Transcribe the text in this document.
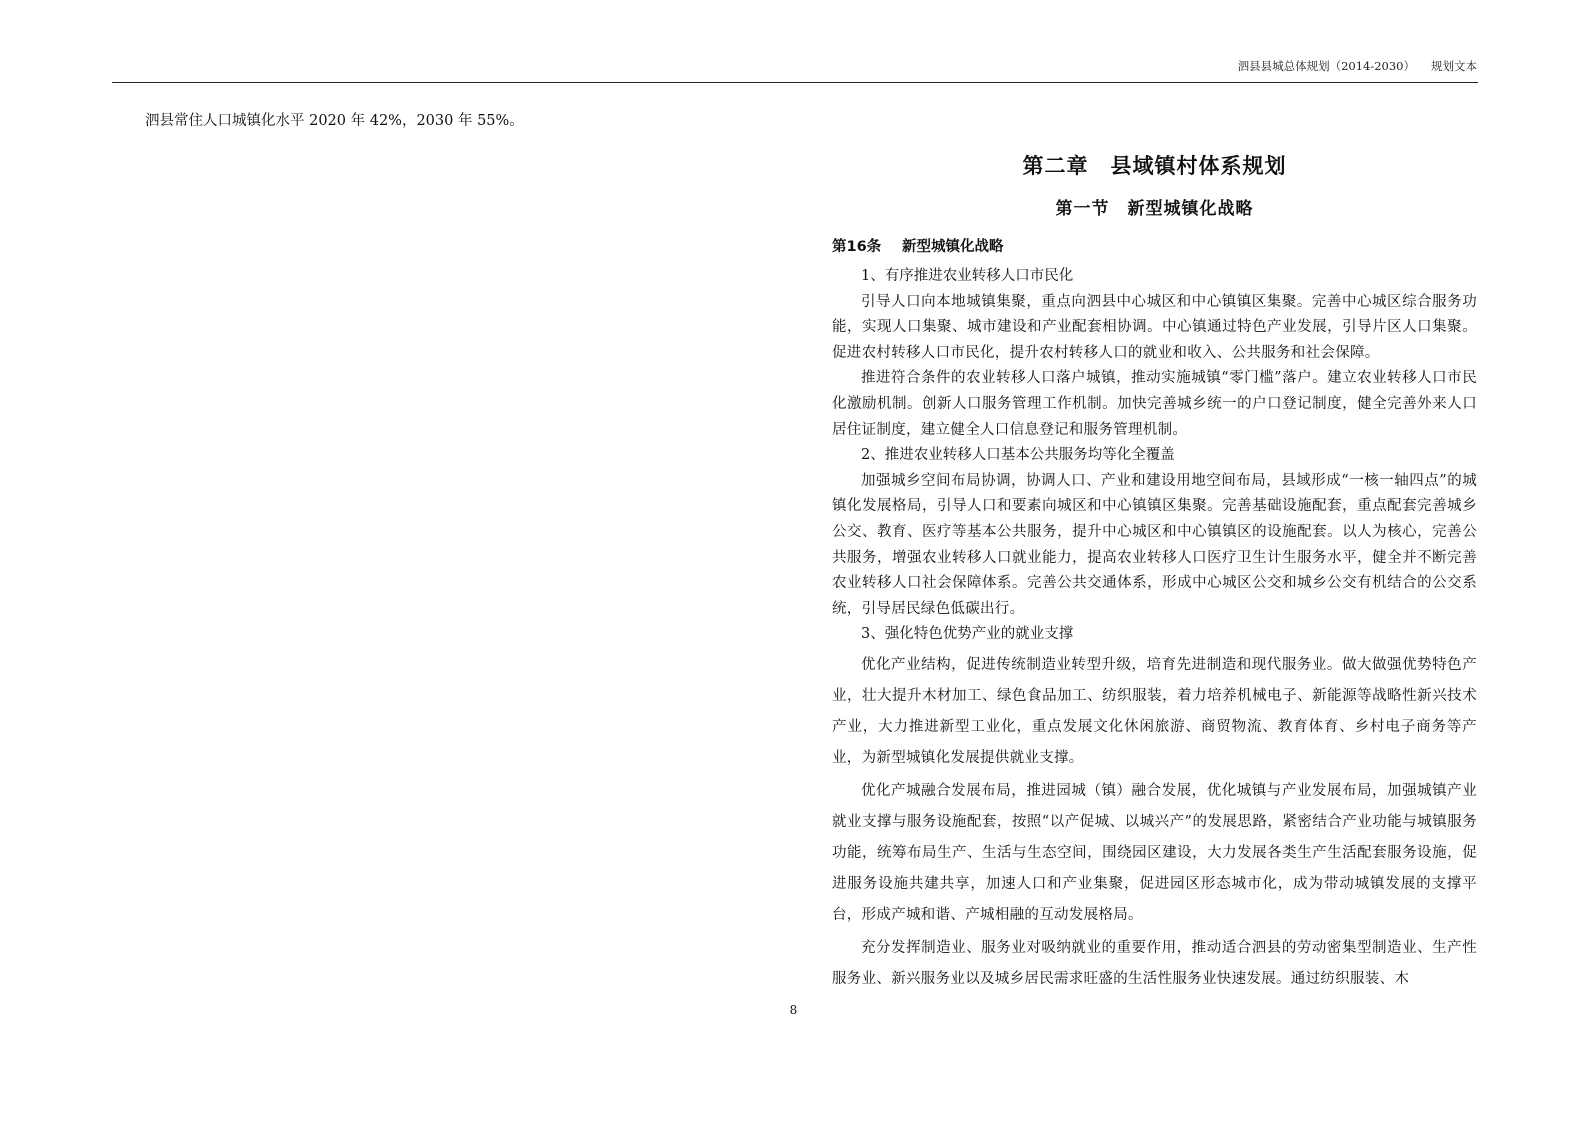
泗县县城总体规划（2014-2030） 规划文本

泗县常住人口城镇化水平 2020 年 42%，2030 年 55%。

第二章　县域镇村体系规划
第一节　新型城镇化战略
第16条 新型城镇化战略

1、有序推进农业转移人口市民化

引导人口向本地城镇集聚，重点向泗县中心城区和中心镇镇区集聚。完善中心城区综合服务功能，实现人口集聚、城市建设和产业配套相协调。中心镇通过特色产业发展，引导片区人口集聚。促进农村转移人口市民化，提升农村转移人口的就业和收入、公共服务和社会保障。

推进符合条件的农业转移人口落户城镇，推动实施城镇“零门槛”落户。建立农业转移人口市民化激励机制。创新人口服务管理工作机制。加快完善城乡统一的户口登记制度，健全完善外来人口居住证制度，建立健全人口信息登记和服务管理机制。

2、推进农业转移人口基本公共服务均等化全覆盖

加强城乡空间布局协调，协调人口、产业和建设用地空间布局，县域形成“一核一轴四点”的城镇化发展格局，引导人口和要素向城区和中心镇镇区集聚。完善基础设施配套，重点配套完善城乡公交、教育、医疗等基本公共服务，提升中心城区和中心镇镇区的设施配套。以人为核心，完善公共服务，增强农业转移人口就业能力，提高农业转移人口医疗卫生计生服务水平，健全并不断完善农业转移人口社会保障体系。完善公共交通体系，形成中心城区公交和城乡公交有机结合的公交系统，引导居民绿色低碳出行。

3、强化特色优势产业的就业支撑

优化产业结构，促进传统制造业转型升级，培育先进制造和现代服务业。做大做强优势特色产业，壮大提升木材加工、绿色食品加工、纺织服装，着力培养机械电子、新能源等战略性新兴技术产业，大力推进新型工业化，重点发展文化休闲旅游、商贸物流、教育体育、乡村电子商务等产业，为新型城镇化发展提供就业支撑。

优化产城融合发展布局，推进园城（镇）融合发展，优化城镇与产业发展布局，加强城镇产业就业支撑与服务设施配套，按照“以产促城、以城兴产”的发展思路，紧密结合产业功能与城镇服务功能，统筹布局生产、生活与生态空间，围绕园区建设，大力发展各类生产生活配套服务设施，促进服务设施共建共享，加速人口和产业集聚，促进园区形态城市化，成为带动城镇发展的支撑平台，形成产城和谐、产城相融的互动发展格局。

充分发挥制造业、服务业对吸纳就业的重要作用，推动适合泗县的劳动密集型制造业、生产性服务业、新兴服务业以及城乡居民需求旺盛的生活性服务业快速发展。通过纺织服装、木

8
